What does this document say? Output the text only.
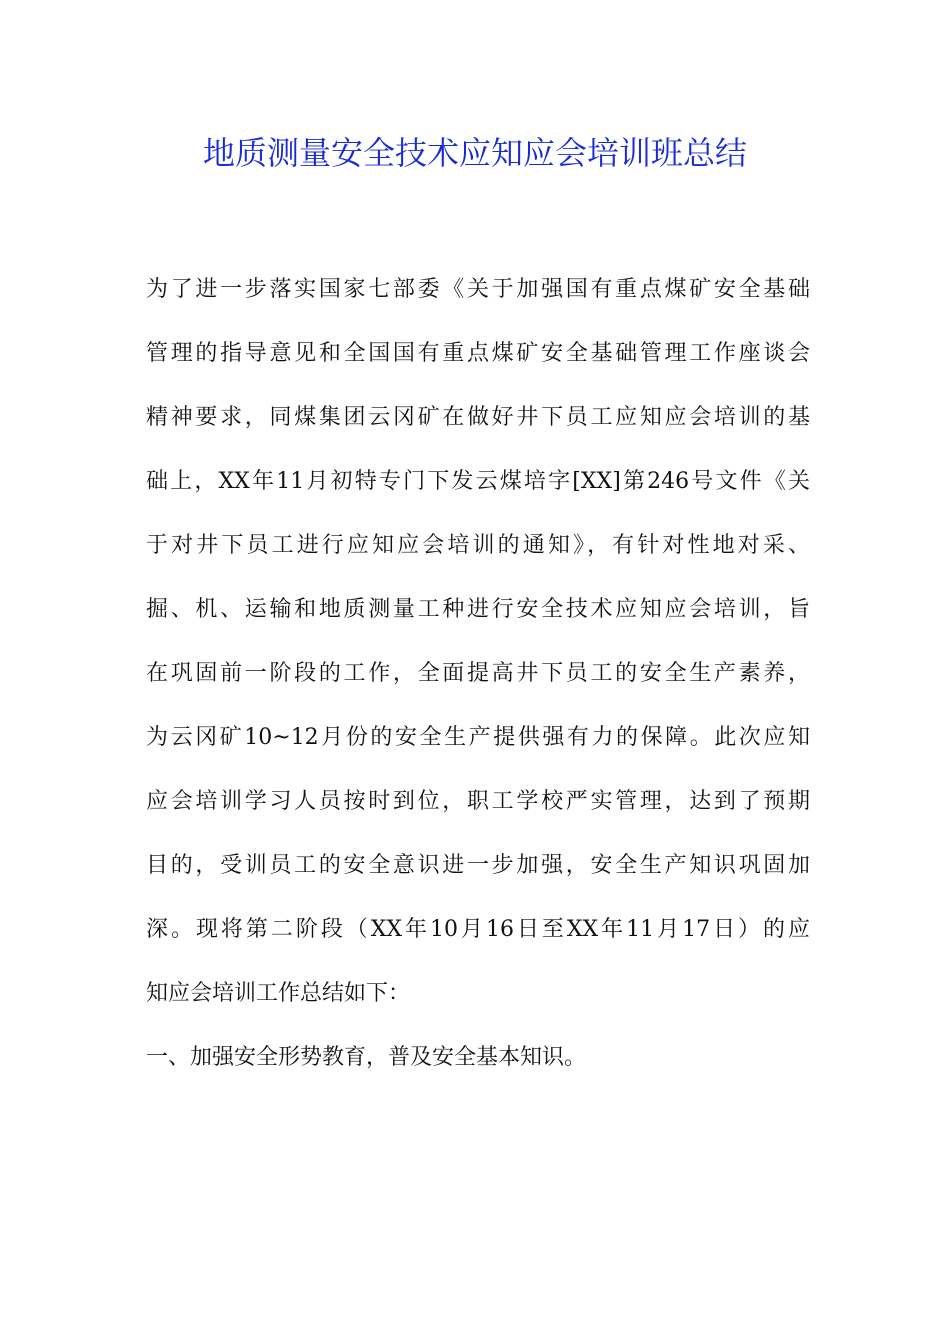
地质测量安全技术应知应会培训班总结
为了进一步落实国家七部委《关于加强国有重点煤矿安全基础
管理的指导意见和全国国有重点煤矿安全基础管理工作座谈会
精神要求，同煤集团云冈矿在做好井下员工应知应会培训的基
础上，XX年11月初特专门下发云煤培字[XX]第246号文件《关
于对井下员工进行应知应会培训的通知》，有针对性地对采、
掘、机、运输和地质测量工种进行安全技术应知应会培训，旨
在巩固前一阶段的工作，全面提高井下员工的安全生产素养，
为云冈矿10~12月份的安全生产提供强有力的保障。此次应知
应会培训学习人员按时到位，职工学校严实管理，达到了预期
目的，受训员工的安全意识进一步加强，安全生产知识巩固加
深。现将第二阶段（XX年10月16日至XX年11月17日）的应
知应会培训工作总结如下：
一、加强安全形势教育，普及安全基本知识。
